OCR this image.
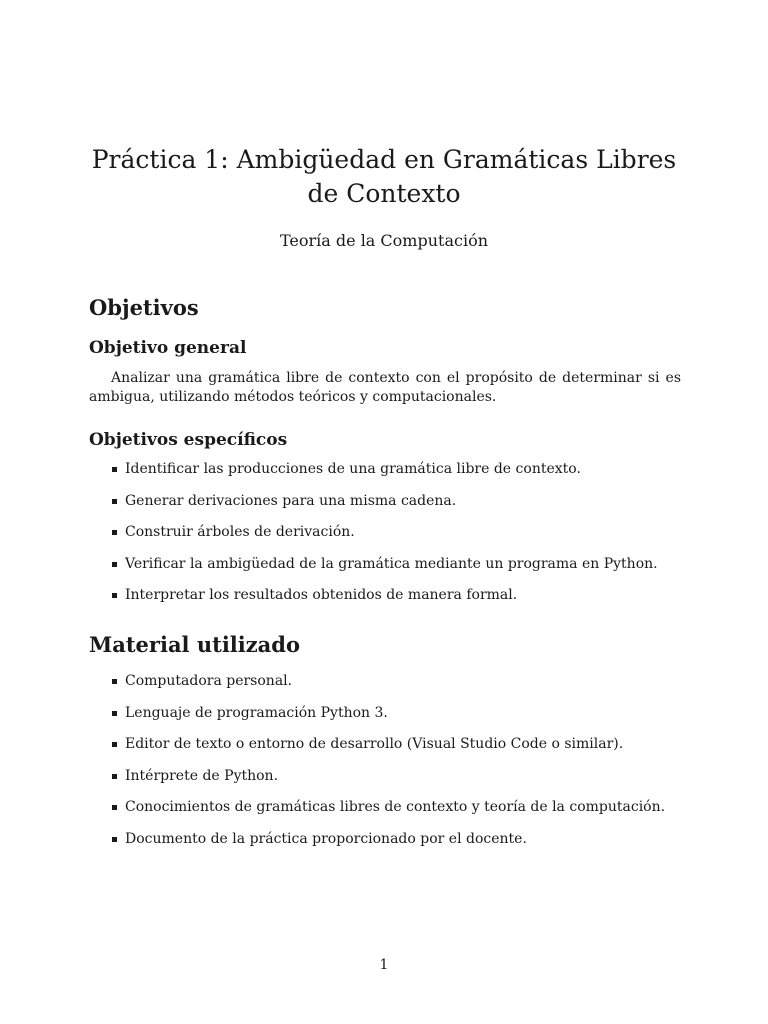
Práctica 1: Ambigüedad en Gramáticas Libres de Contexto

Teoría de la Computación

Objetivos
Objetivo general

Analizar una gramática libre de contexto con el propósito de determinar si es ambigua, utilizando métodos teóricos y computacionales.

Objetivos específicos
Identificar las producciones de una gramática libre de contexto.
Generar derivaciones para una misma cadena.
Construir árboles de derivación.
Verificar la ambigüedad de la gramática mediante un programa en Python.
Interpretar los resultados obtenidos de manera formal.
Material utilizado
Computadora personal.
Lenguaje de programación Python 3.
Editor de texto o entorno de desarrollo (Visual Studio Code o similar).
Intérprete de Python.
Conocimientos de gramáticas libres de contexto y teoría de la computación.
Documento de la práctica proporcionado por el docente.
1
